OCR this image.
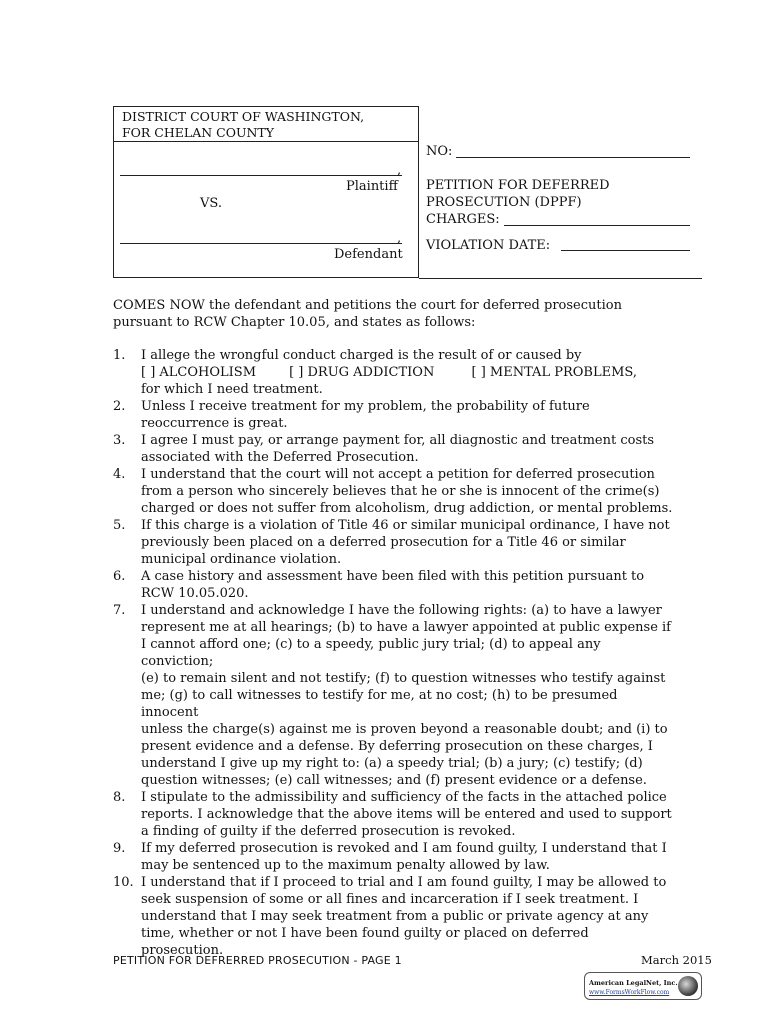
DISTRICT COURT OF WASHINGTON,
FOR CHELAN COUNTY
,
Plaintiff
VS.
,
Defendant
NO:
PETITION FOR DEFERRED
PROSECUTION (DPPF)
CHARGES:
VIOLATION DATE:
COMES NOW the defendant and petitions the court for deferred prosecution
pursuant to RCW Chapter 10.05, and states as follows:
1. I allege the wrongful conduct charged is the result of or caused by
[ ] ALCOHOLISM        [ ] DRUG ADDICTION         [ ] MENTAL PROBLEMS,
for which I need treatment.
2. Unless I receive treatment for my problem, the probability of future
reoccurrence is great.
3. I agree I must pay, or arrange payment for, all diagnostic and treatment costs
associated with the Deferred Prosecution.
4. I understand that the court will not accept a petition for deferred prosecution
from a person who sincerely believes that he or she is innocent of the crime(s)
charged or does not suffer from alcoholism, drug addiction, or mental problems.
5. If this charge is a violation of Title 46 or similar municipal ordinance, I have not
previously been placed on a deferred prosecution for a Title 46 or similar
municipal ordinance violation.
6. A case history and assessment have been filed with this petition pursuant to
RCW 10.05.020.
7. I understand and acknowledge I have the following rights: (a) to have a lawyer
represent me at all hearings; (b) to have a lawyer appointed at public expense if
I cannot afford one; (c) to a speedy, public jury trial; (d) to appeal any conviction;
(e) to remain silent and not testify; (f) to question witnesses who testify against
me; (g) to call witnesses to testify for me, at no cost; (h) to be presumed innocent
unless the charge(s) against me is proven beyond a reasonable doubt; and (i) to
present evidence and a defense. By deferring prosecution on these charges, I
understand I give up my right to: (a) a speedy trial; (b) a jury; (c) testify; (d)
question witnesses; (e) call witnesses; and (f) present evidence or a defense.
8. I stipulate to the admissibility and sufficiency of the facts in the attached police
reports. I acknowledge that the above items will be entered and used to support
a finding of guilty if the deferred prosecution is revoked.
9. If my deferred prosecution is revoked and I am found guilty, I understand that I
may be sentenced up to the maximum penalty allowed by law.
10. I understand that if I proceed to trial and I am found guilty, I may be allowed to
seek suspension of some or all fines and incarceration if I seek treatment. I
understand that I may seek treatment from a public or private agency at any
time, whether or not I have been found guilty or placed on deferred prosecution.
PETITION FOR DEFRERRED PROSECUTION - PAGE 1	March 2015
American LegalNet, Inc.
www.FormsWorkFlow.com
